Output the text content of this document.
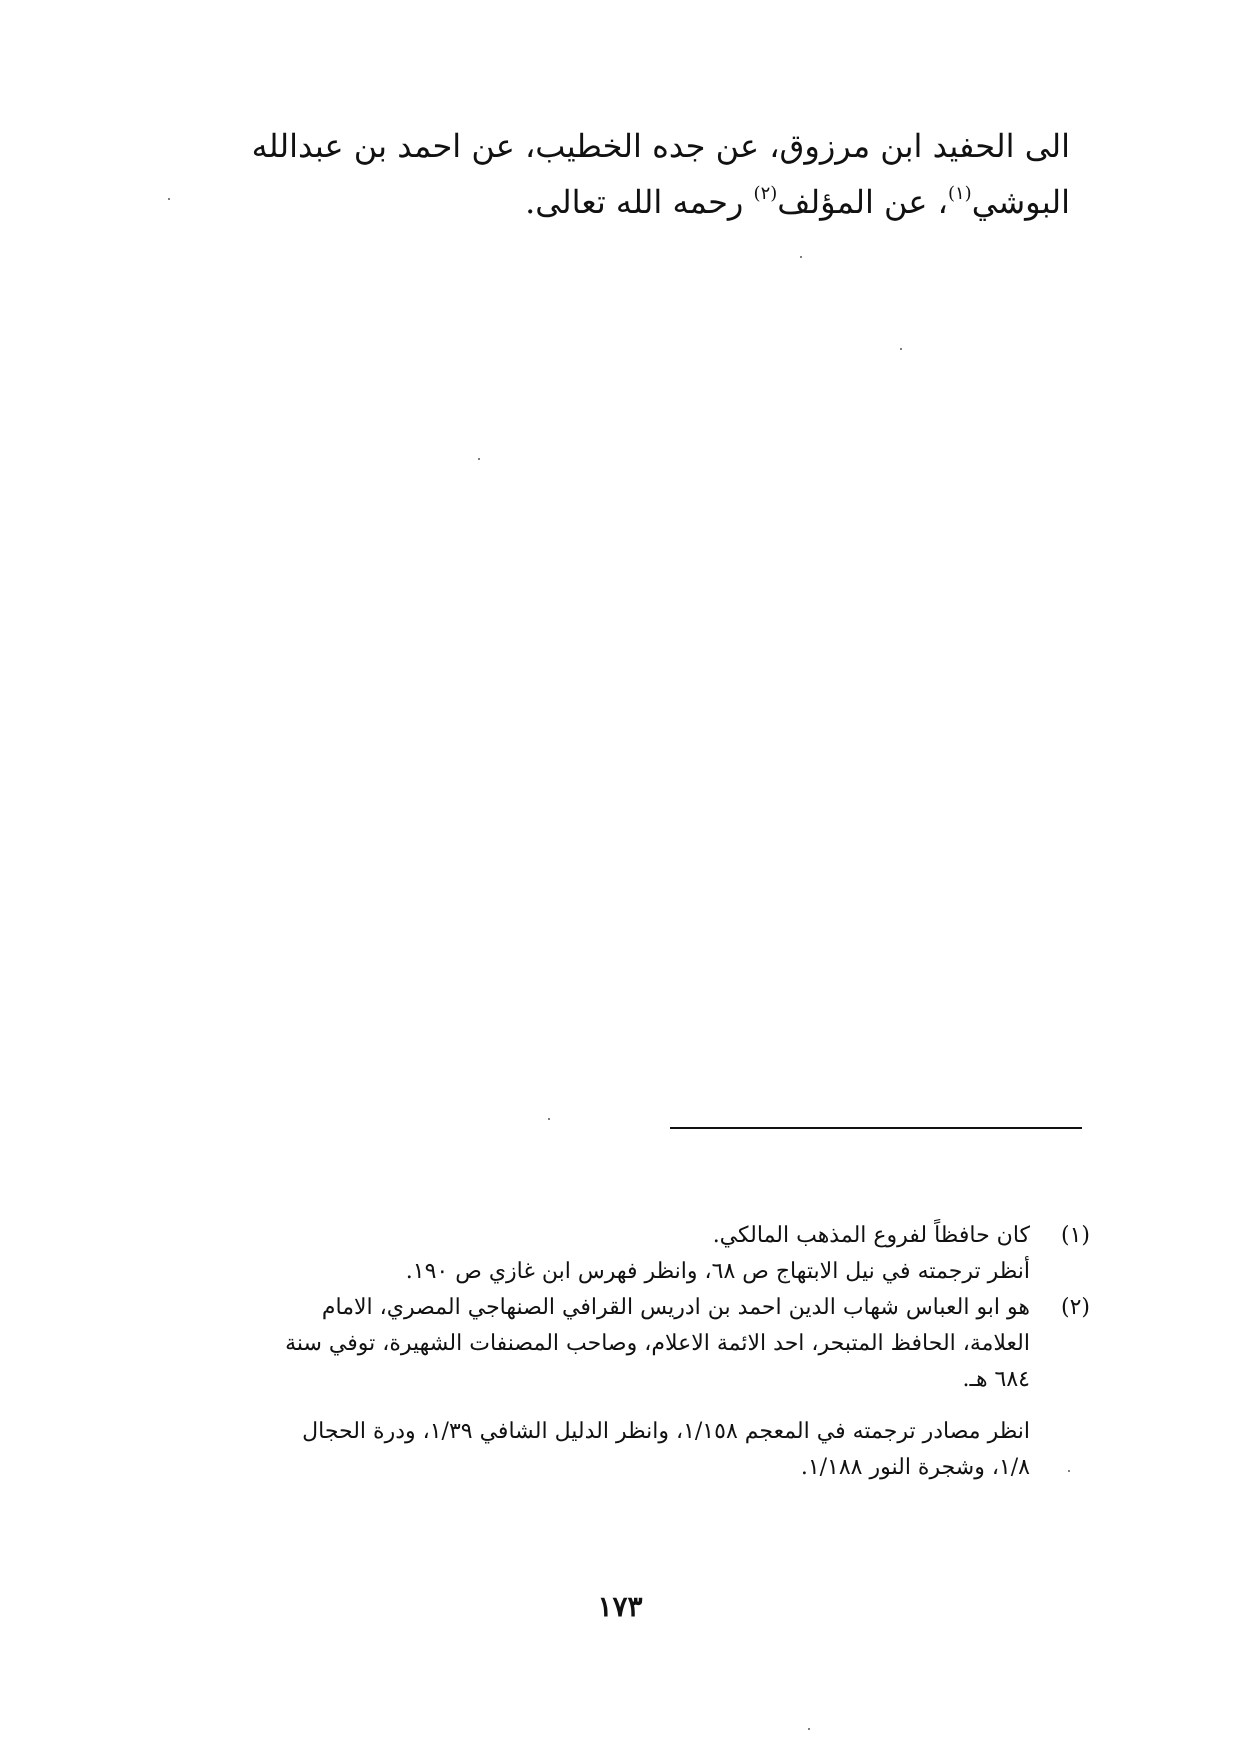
الى الحفيد ابن مرزوق، عن جده الخطيب، عن احمد بن عبدالله
البوشي$^{(١)}$، عن المؤلف$^{(٢)}$ رحمه الله تعالى.
(١)
كان حافظاً لفروع المذهب المالكي.
أنظر ترجمته في نيل الابتهاج ص ٦٨، وانظر فهرس ابن غازي ص ١٩٠.
(٢)
هو ابو العباس شهاب الدين احمد بن ادريس القرافي الصنهاجي المصري، الامام
العلامة، الحافظ المتبحر، احد الائمة الاعلام، وصاحب المصنفات الشهيرة، توفي سنة
٦٨٤ هـ.
انظر مصادر ترجمته في المعجم ١/١٥٨، وانظر الدليل الشافي ١/٣٩، ودرة الحجال
١/٨، وشجرة النور ١/١٨٨.
١٧٣
